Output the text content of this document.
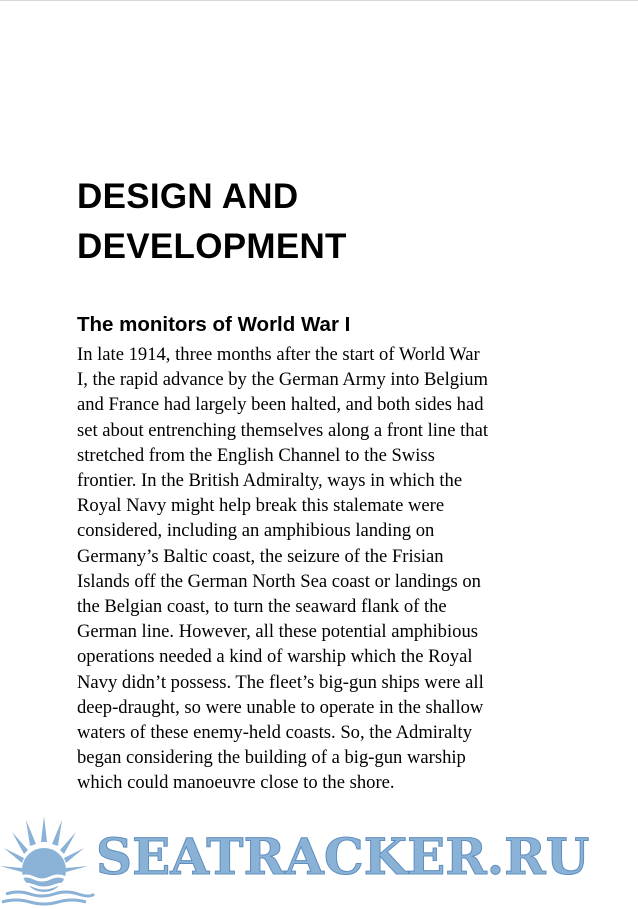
DESIGN AND
DEVELOPMENT
The monitors of World War I
In late 1914, three months after the start of World War
I, the rapid advance by the German Army into Belgium
and France had largely been halted, and both sides had
set about entrenching themselves along a front line that
stretched from the English Channel to the Swiss
frontier. In the British Admiralty, ways in which the
Royal Navy might help break this stalemate were
considered, including an amphibious landing on
Germany’s Baltic coast, the seizure of the Frisian
Islands off the German North Sea coast or landings on
the Belgian coast, to turn the seaward flank of the
German line. However, all these potential amphibious
operations needed a kind of warship which the Royal
Navy didn’t possess. The fleet’s big-gun ships were all
deep-draught, so were unable to operate in the shallow
waters of these enemy-held coasts. So, the Admiralty
began considering the building of a big-gun warship
which could manoeuvre close to the shore.
SEATRACKER.RU
